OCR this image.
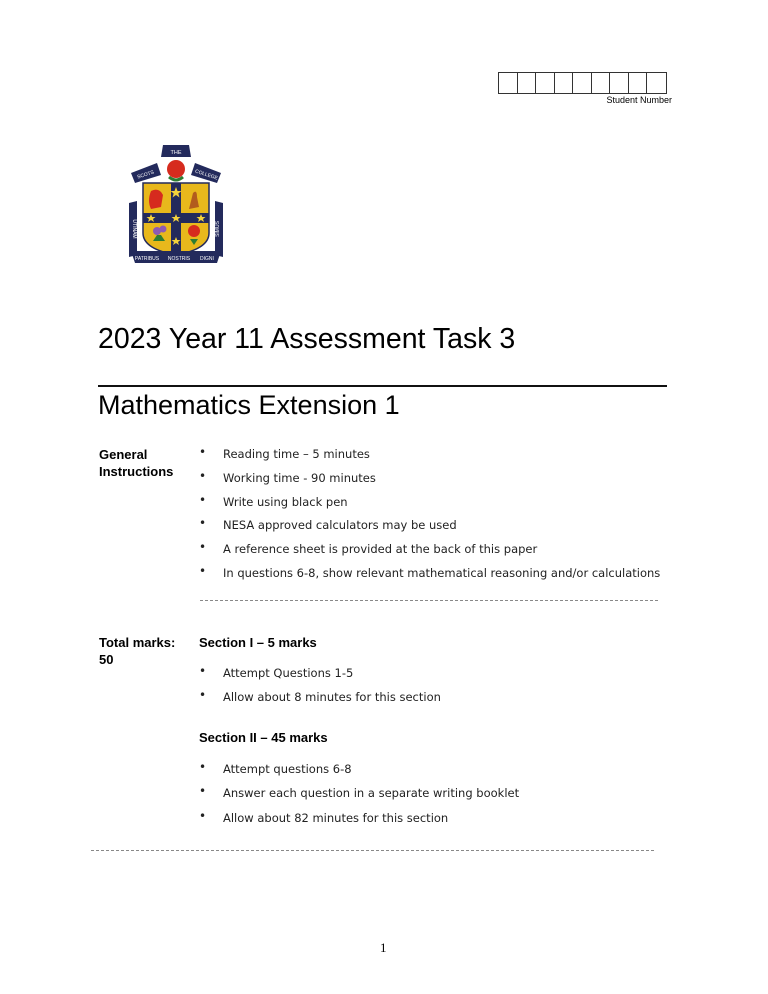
Student Number
UTINAM	SIMUS
THE
SCOTS	COLLEGE
PATRIBUS NOSTRIS DIGNI
2023 Year 11 Assessment Task 3
Mathematics Extension 1
General
Instructions
• Reading time – 5 minutes
• Working time - 90 minutes
• Write using black pen
• NESA approved calculators may be used
• A reference sheet is provided at the back of this paper
• In questions 6-8, show relevant mathematical reasoning and/or calculations
Total marks:
50
Section I – 5 marks
• Attempt Questions 1-5
• Allow about 8 minutes for this section
Section II – 45 marks
• Attempt questions 6-8
• Answer each question in a separate writing booklet
• Allow about 82 minutes for this section
1
